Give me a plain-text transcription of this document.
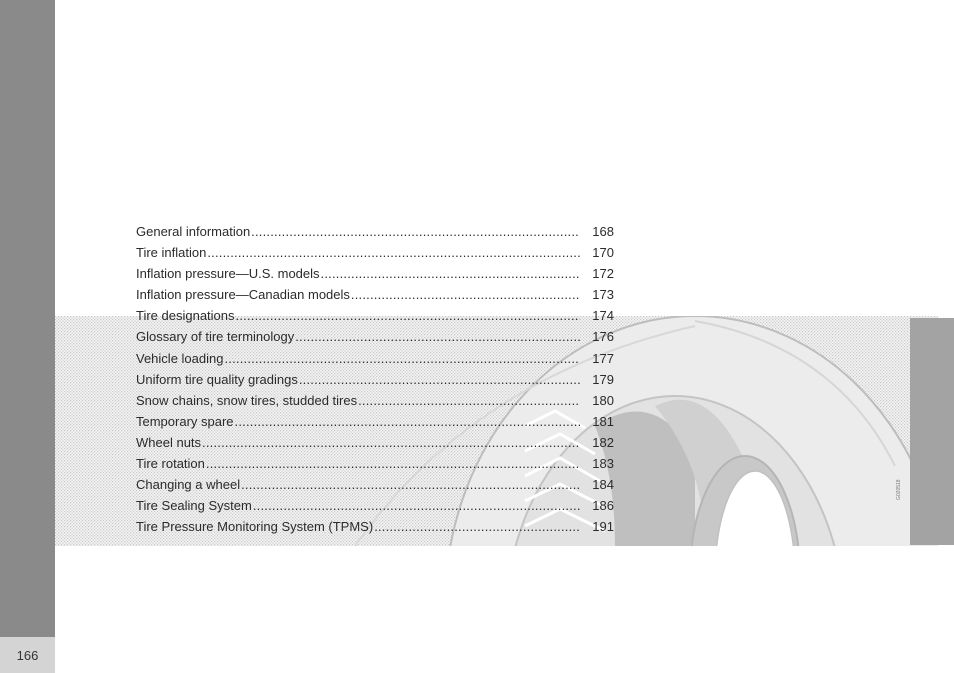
G020518
General information .....	168
Tire inflation .....	170
Inflation pressure—U.S. models .....	172
Inflation pressure—Canadian models .....	173
Tire designations .....	174
Glossary of tire terminology .....	176
Vehicle loading .....	177
Uniform tire quality gradings .....	179
Snow chains, snow tires, studded tires .....	180
Temporary spare .....	181
Wheel nuts .....	182
Tire rotation .....	183
Changing a wheel .....	184
Tire Sealing System .....	186
Tire Pressure Monitoring System (TPMS) .....	191
166
